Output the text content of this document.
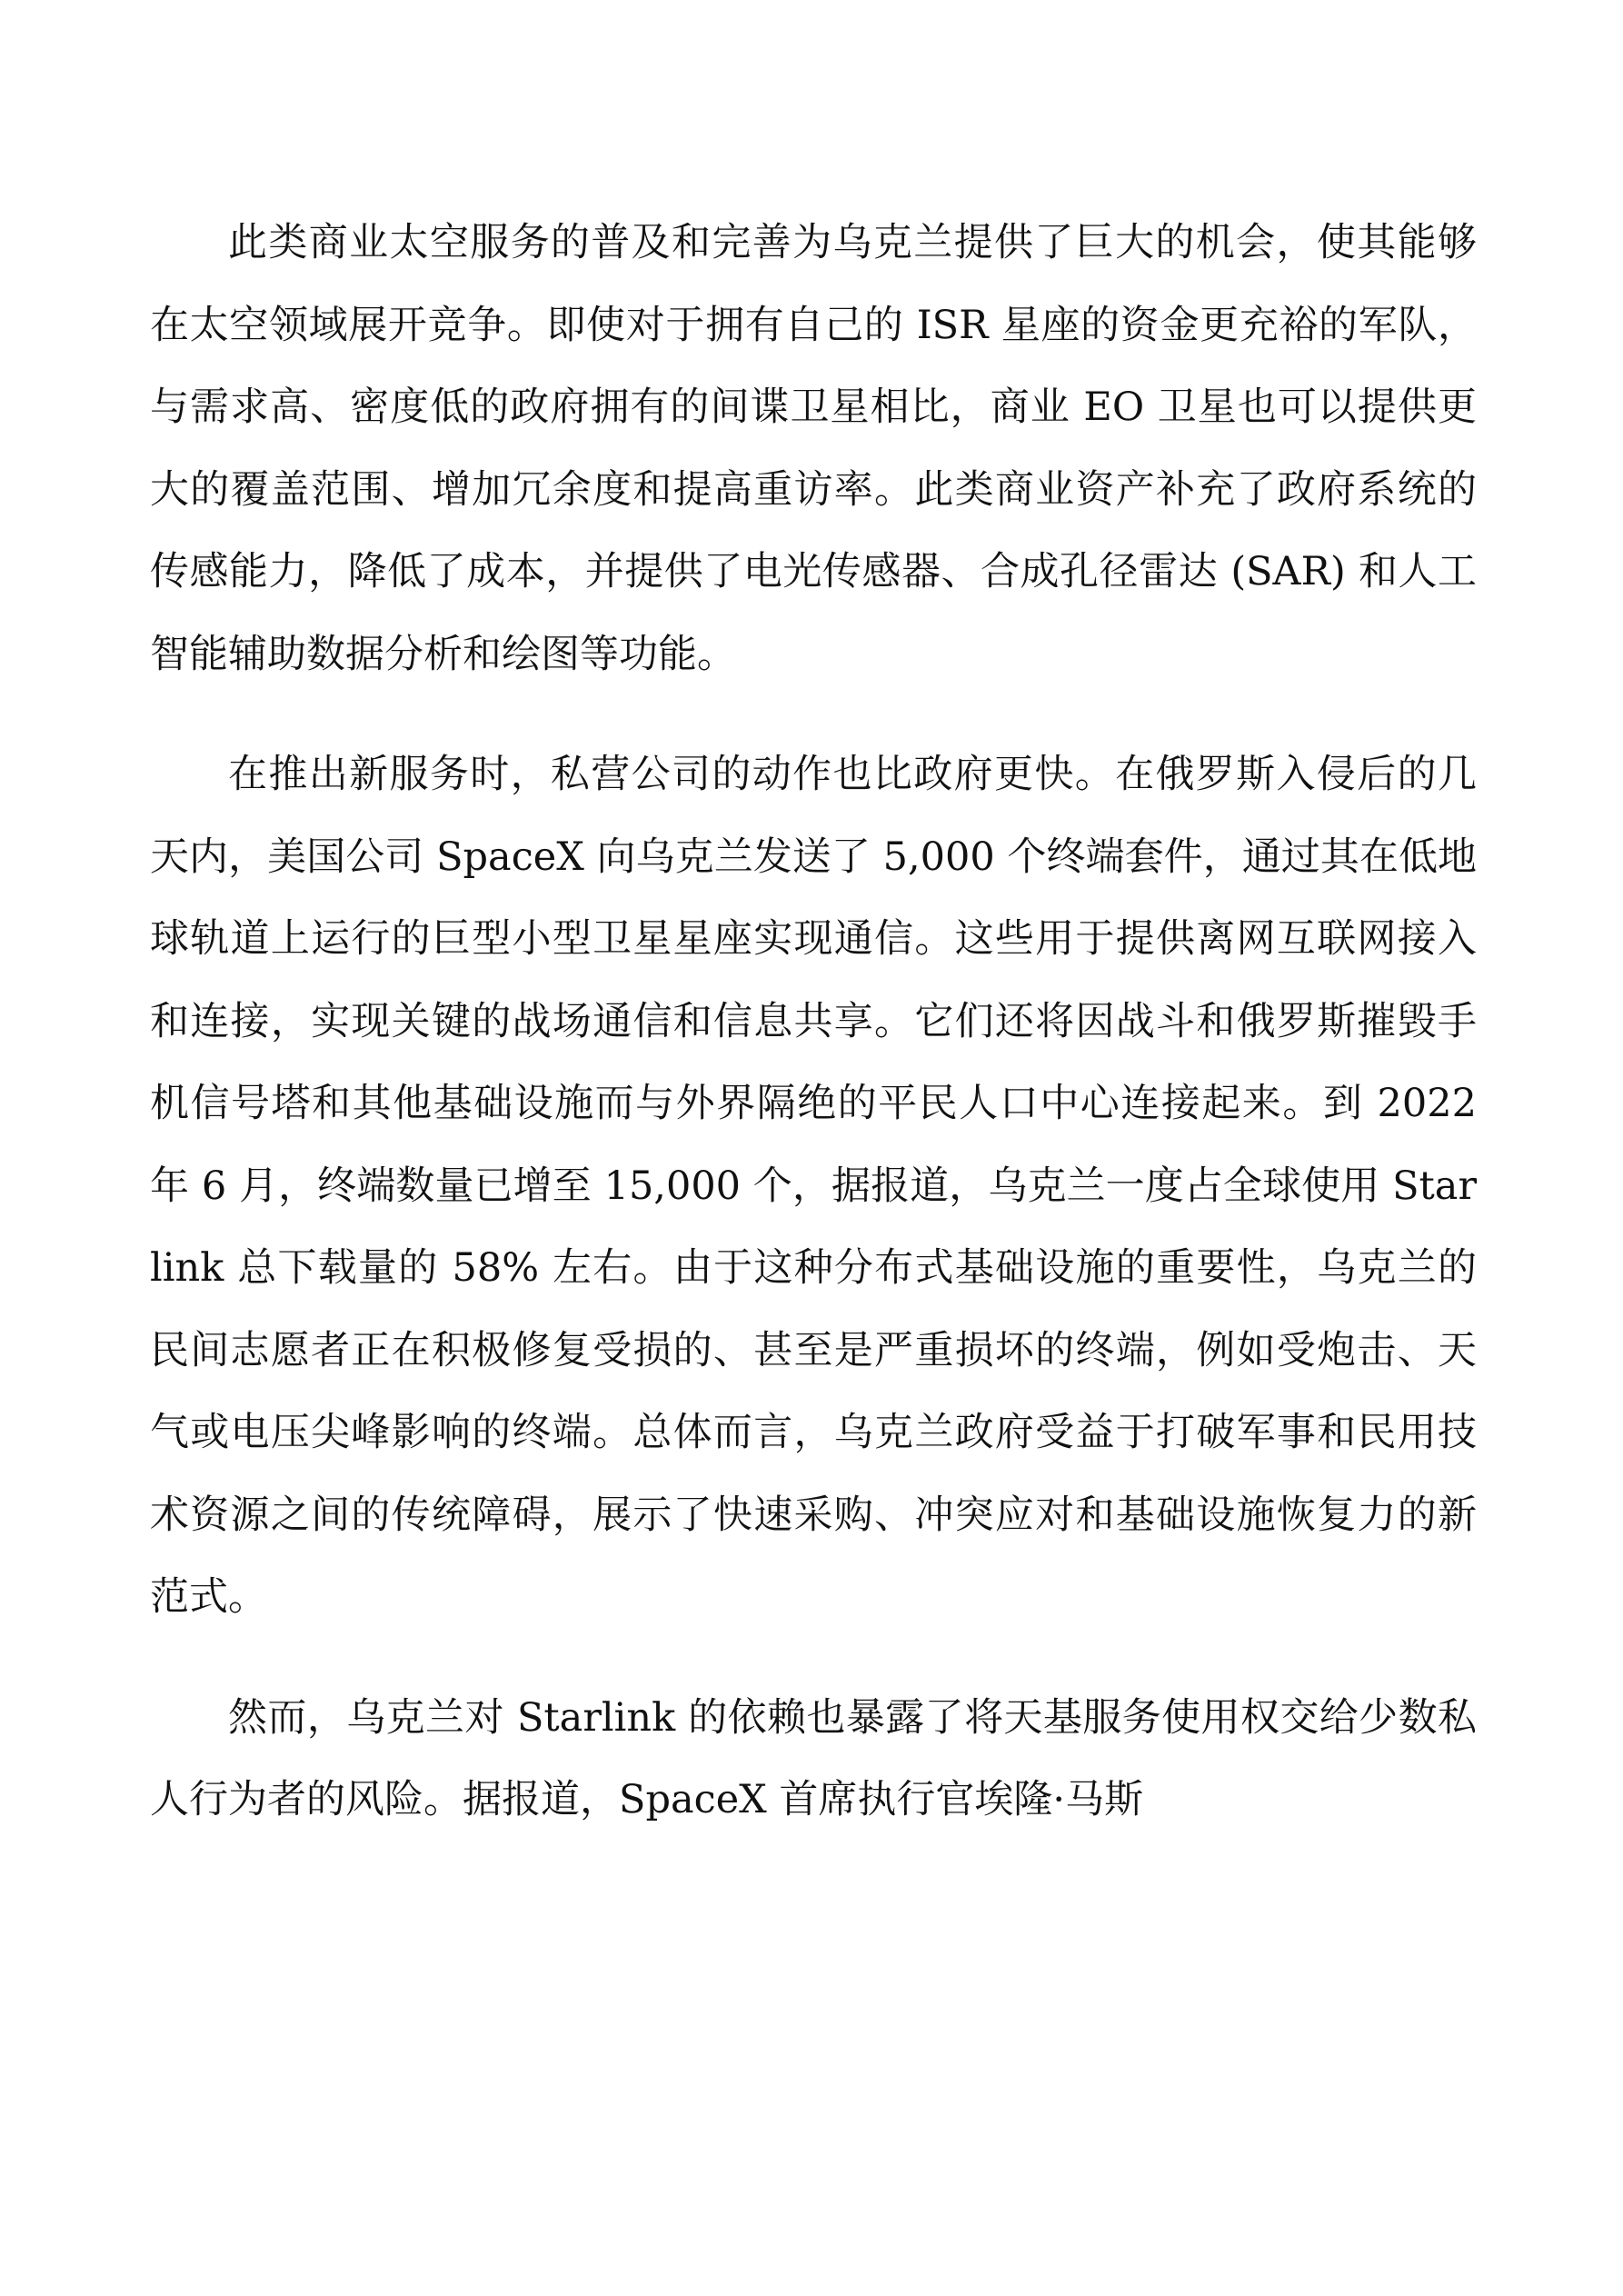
此类商业太空服务的普及和完善为乌克兰提供了巨大的机会，使其能够在太空领域展开竞争。即使对于拥有自己的 ISR 星座的资金更充裕的军队，与需求高、密度低的政府拥有的间谍卫星相比，商业 EO 卫星也可以提供更大的覆盖范围、增加冗余度和提高重访率。此类商业资产补充了政府系统的传感能力，降低了成本，并提供了电光传感器、合成孔径雷达 (SAR) 和人工智能辅助数据分析和绘图等功能。

在推出新服务时，私营公司的动作也比政府更快。在俄罗斯入侵后的几天内，美国公司 SpaceX 向乌克兰发送了 5,000 个终端套件，通过其在低地球轨道上运行的巨型小型卫星星座实现通信。这些用于提供离网互联网接入和连接，实现关键的战场通信和信息共享。它们还将因战斗和俄罗斯摧毁手机信号塔和其他基础设施而与外界隔绝的平民人口中心连接起来。到 2022 年 6 月，终端数量已增至 15,000 个，据报道，乌克兰一度占全球使用 Starlink 总下载量的 58% 左右。由于这种分布式基础设施的重要性，乌克兰的民间志愿者正在积极修复受损的、甚至是严重损坏的终端，例如受炮击、天气或电压尖峰影响的终端。总体而言，乌克兰政府受益于打破军事和民用技术资源之间的传统障碍，展示了快速采购、冲突应对和基础设施恢复力的新范式。

然而，乌克兰对 Starlink 的依赖也暴露了将天基服务使用权交给少数私人行为者的风险。据报道，SpaceX 首席执行官埃隆·马斯
